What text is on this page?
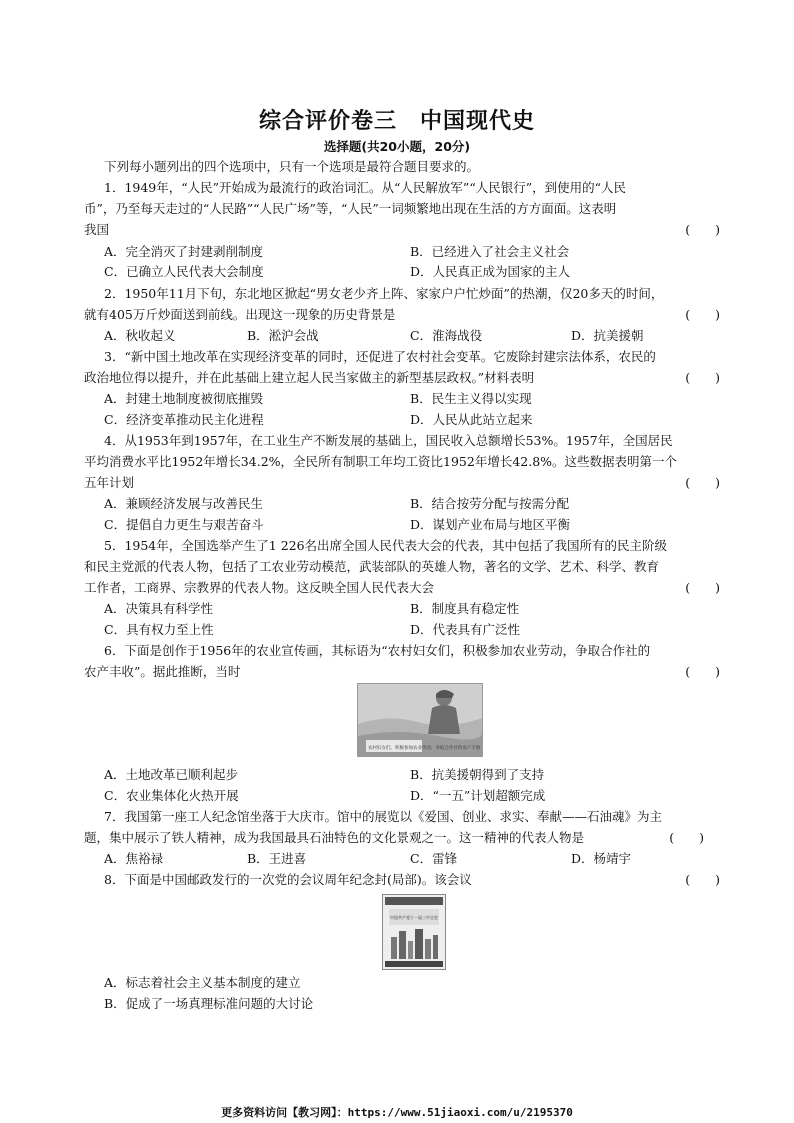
综合评价卷三　中国现代史
选择题(共20小题，20分)
下列每小题列出的四个选项中，只有一个选项是最符合题目要求的。
1．1949年，“人民”开始成为最流行的政治词汇。从“人民解放军”“人民银行”，到使用的“人民
币”，乃至每天走过的“人民路”“人民广场”等，“人民”一词频繁地出现在生活的方方面面。这表明
我国	(　　)
A．完全消灭了封建剥削制度	B．已经进入了社会主义社会
C．已确立人民代表大会制度	D．人民真正成为国家的主人
2．1950年11月下旬，东北地区掀起“男女老少齐上阵、家家户户忙炒面”的热潮，仅20多天的时间，
就有405万斤炒面送到前线。出现这一现象的历史背景是	(　　)
A．秋收起义	B．淞沪会战	C．淮海战役	D．抗美援朝
3．“新中国土地改革在实现经济变革的同时，还促进了农村社会变革。它废除封建宗法体系，农民的
政治地位得以提升，并在此基础上建立起人民当家做主的新型基层政权。”材料表明	(　　)
A．封建土地制度被彻底摧毁	B．民生主义得以实现
C．经济变革推动民主化进程	D．人民从此站立起来
4．从1953年到1957年，在工业生产不断发展的基础上，国民收入总额增长53%。1957年，全国居民
平均消费水平比1952年增长34.2%，全民所有制职工年均工资比1952年增长42.8%。这些数据表明第一个
五年计划	(　　)
A．兼顾经济发展与改善民生	B．结合按劳分配与按需分配
C．提倡自力更生与艰苦奋斗	D．谋划产业布局与地区平衡
5．1954年，全国选举产生了1 226名出席全国人民代表大会的代表，其中包括了我国所有的民主阶级
和民主党派的代表人物，包括了工农业劳动模范，武装部队的英雄人物，著名的文学、艺术、科学、教育
工作者，工商界、宗教界的代表人物。这反映全国人民代表大会	(　　)
A．决策具有科学性	B．制度具有稳定性
C．具有权力至上性	D．代表具有广泛性
6．下面是创作于1956年的农业宣传画，其标语为“农村妇女们，积极参加农业劳动，争取合作社的
农产丰收”。据此推断，当时	(　　)
农村妇女们，积极参加农业劳动，争取合作社的农产丰收
A．土地改革已顺利起步	B．抗美援朝得到了支持
C．农业集体化火热开展	D．“一五”计划超额完成
7．我国第一座工人纪念馆坐落于大庆市。馆中的展览以《爱国、创业、求实、奉献——石油魂》为主
题，集中展示了铁人精神，成为我国最具石油特色的文化景观之一。这一精神的代表人物是	(　　)
A．焦裕禄	B．王进喜	C．雷锋	D．杨靖宇
8．下面是中国邮政发行的一次党的会议周年纪念封(局部)。该会议	(　　)
中国共产党十一届三中全会
A．标志着社会主义基本制度的建立
B．促成了一场真理标准问题的大讨论
更多资料访问【教习网】：https://www.51jiaoxi.com/u/2195370
